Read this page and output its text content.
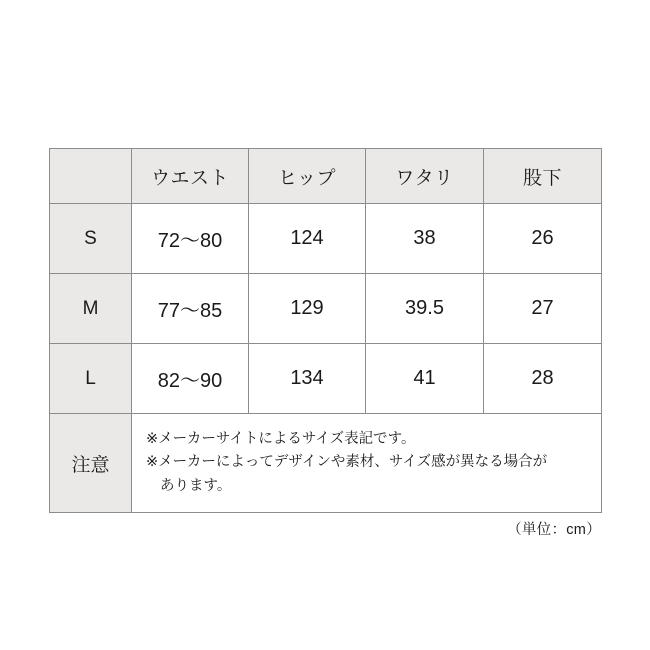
	ウエスト	ヒップ	ワタリ	股下
S	72〜80	124	38	26
M	77〜85	129	39.5	27
L	82〜90	134	41	28
注意	※メーカーサイトによるサイズ表記です。
※メーカーによってデザインや素材、サイズ感が異なる場合が
あります。			
（単位：cm）
